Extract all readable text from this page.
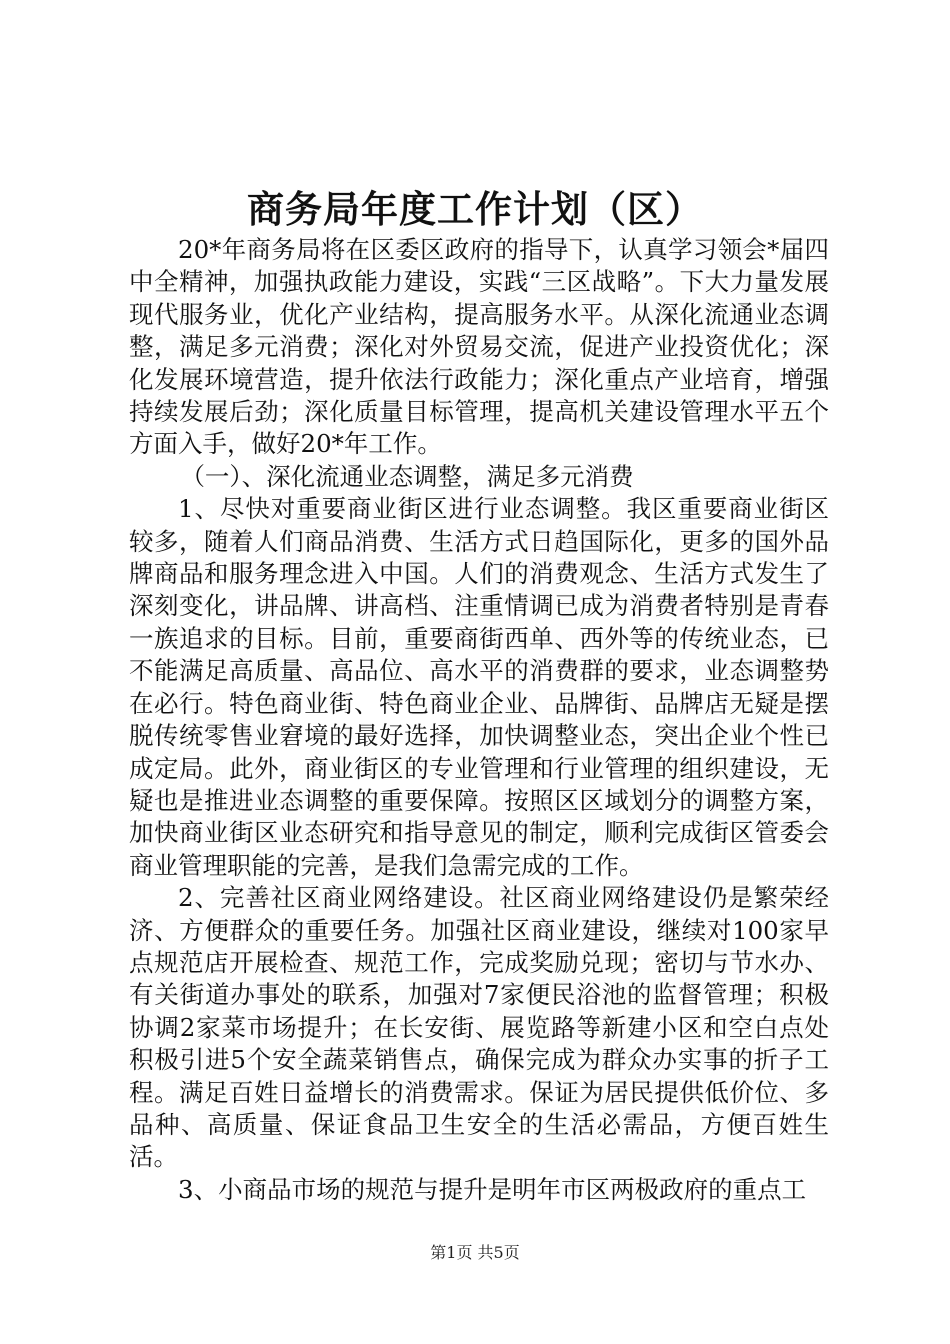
商务局年度工作计划（区）

20*年商务局将在区委区政府的指导下，认真学习领会*届四中全精神，加强执政能力建设，实践“三区战略”。下大力量发展现代服务业，优化产业结构，提高服务水平。从深化流通业态调整，满足多元消费；深化对外贸易交流，促进产业投资优化；深化发展环境营造，提升依法行政能力；深化重点产业培育，增强持续发展后劲；深化质量目标管理，提高机关建设管理水平五个方面入手，做好20*年工作。

（一）、深化流通业态调整，满足多元消费

1、尽快对重要商业街区进行业态调整。我区重要商业街区较多，随着人们商品消费、生活方式日趋国际化，更多的国外品牌商品和服务理念进入中国。人们的消费观念、生活方式发生了深刻变化，讲品牌、讲高档、注重情调已成为消费者特别是青春一族追求的目标。目前，重要商街西单、西外等的传统业态，已不能满足高质量、高品位、高水平的消费群的要求，业态调整势在必行。特色商业街、特色商业企业、品牌街、品牌店无疑是摆脱传统零售业窘境的最好选择，加快调整业态，突出企业个性已成定局。此外，商业街区的专业管理和行业管理的组织建设，无疑也是推进业态调整的重要保障。按照区区域划分的调整方案，加快商业街区业态研究和指导意见的制定，顺利完成街区管委会商业管理职能的完善，是我们急需完成的工作。

2、完善社区商业网络建设。社区商业网络建设仍是繁荣经济、方便群众的重要任务。加强社区商业建设，继续对100家早点规范店开展检查、规范工作，完成奖励兑现；密切与节水办、有关街道办事处的联系，加强对7家便民浴池的监督管理；积极协调2家菜市场提升；在长安街、展览路等新建小区和空白点处积极引进5个安全蔬菜销售点，确保完成为群众办实事的折子工程。满足百姓日益增长的消费需求。保证为居民提供低价位、多品种、高质量、保证食品卫生安全的生活必需品，方便百姓生活。

3、小商品市场的规范与提升是明年市区两极政府的重点工

第1页 共5页
